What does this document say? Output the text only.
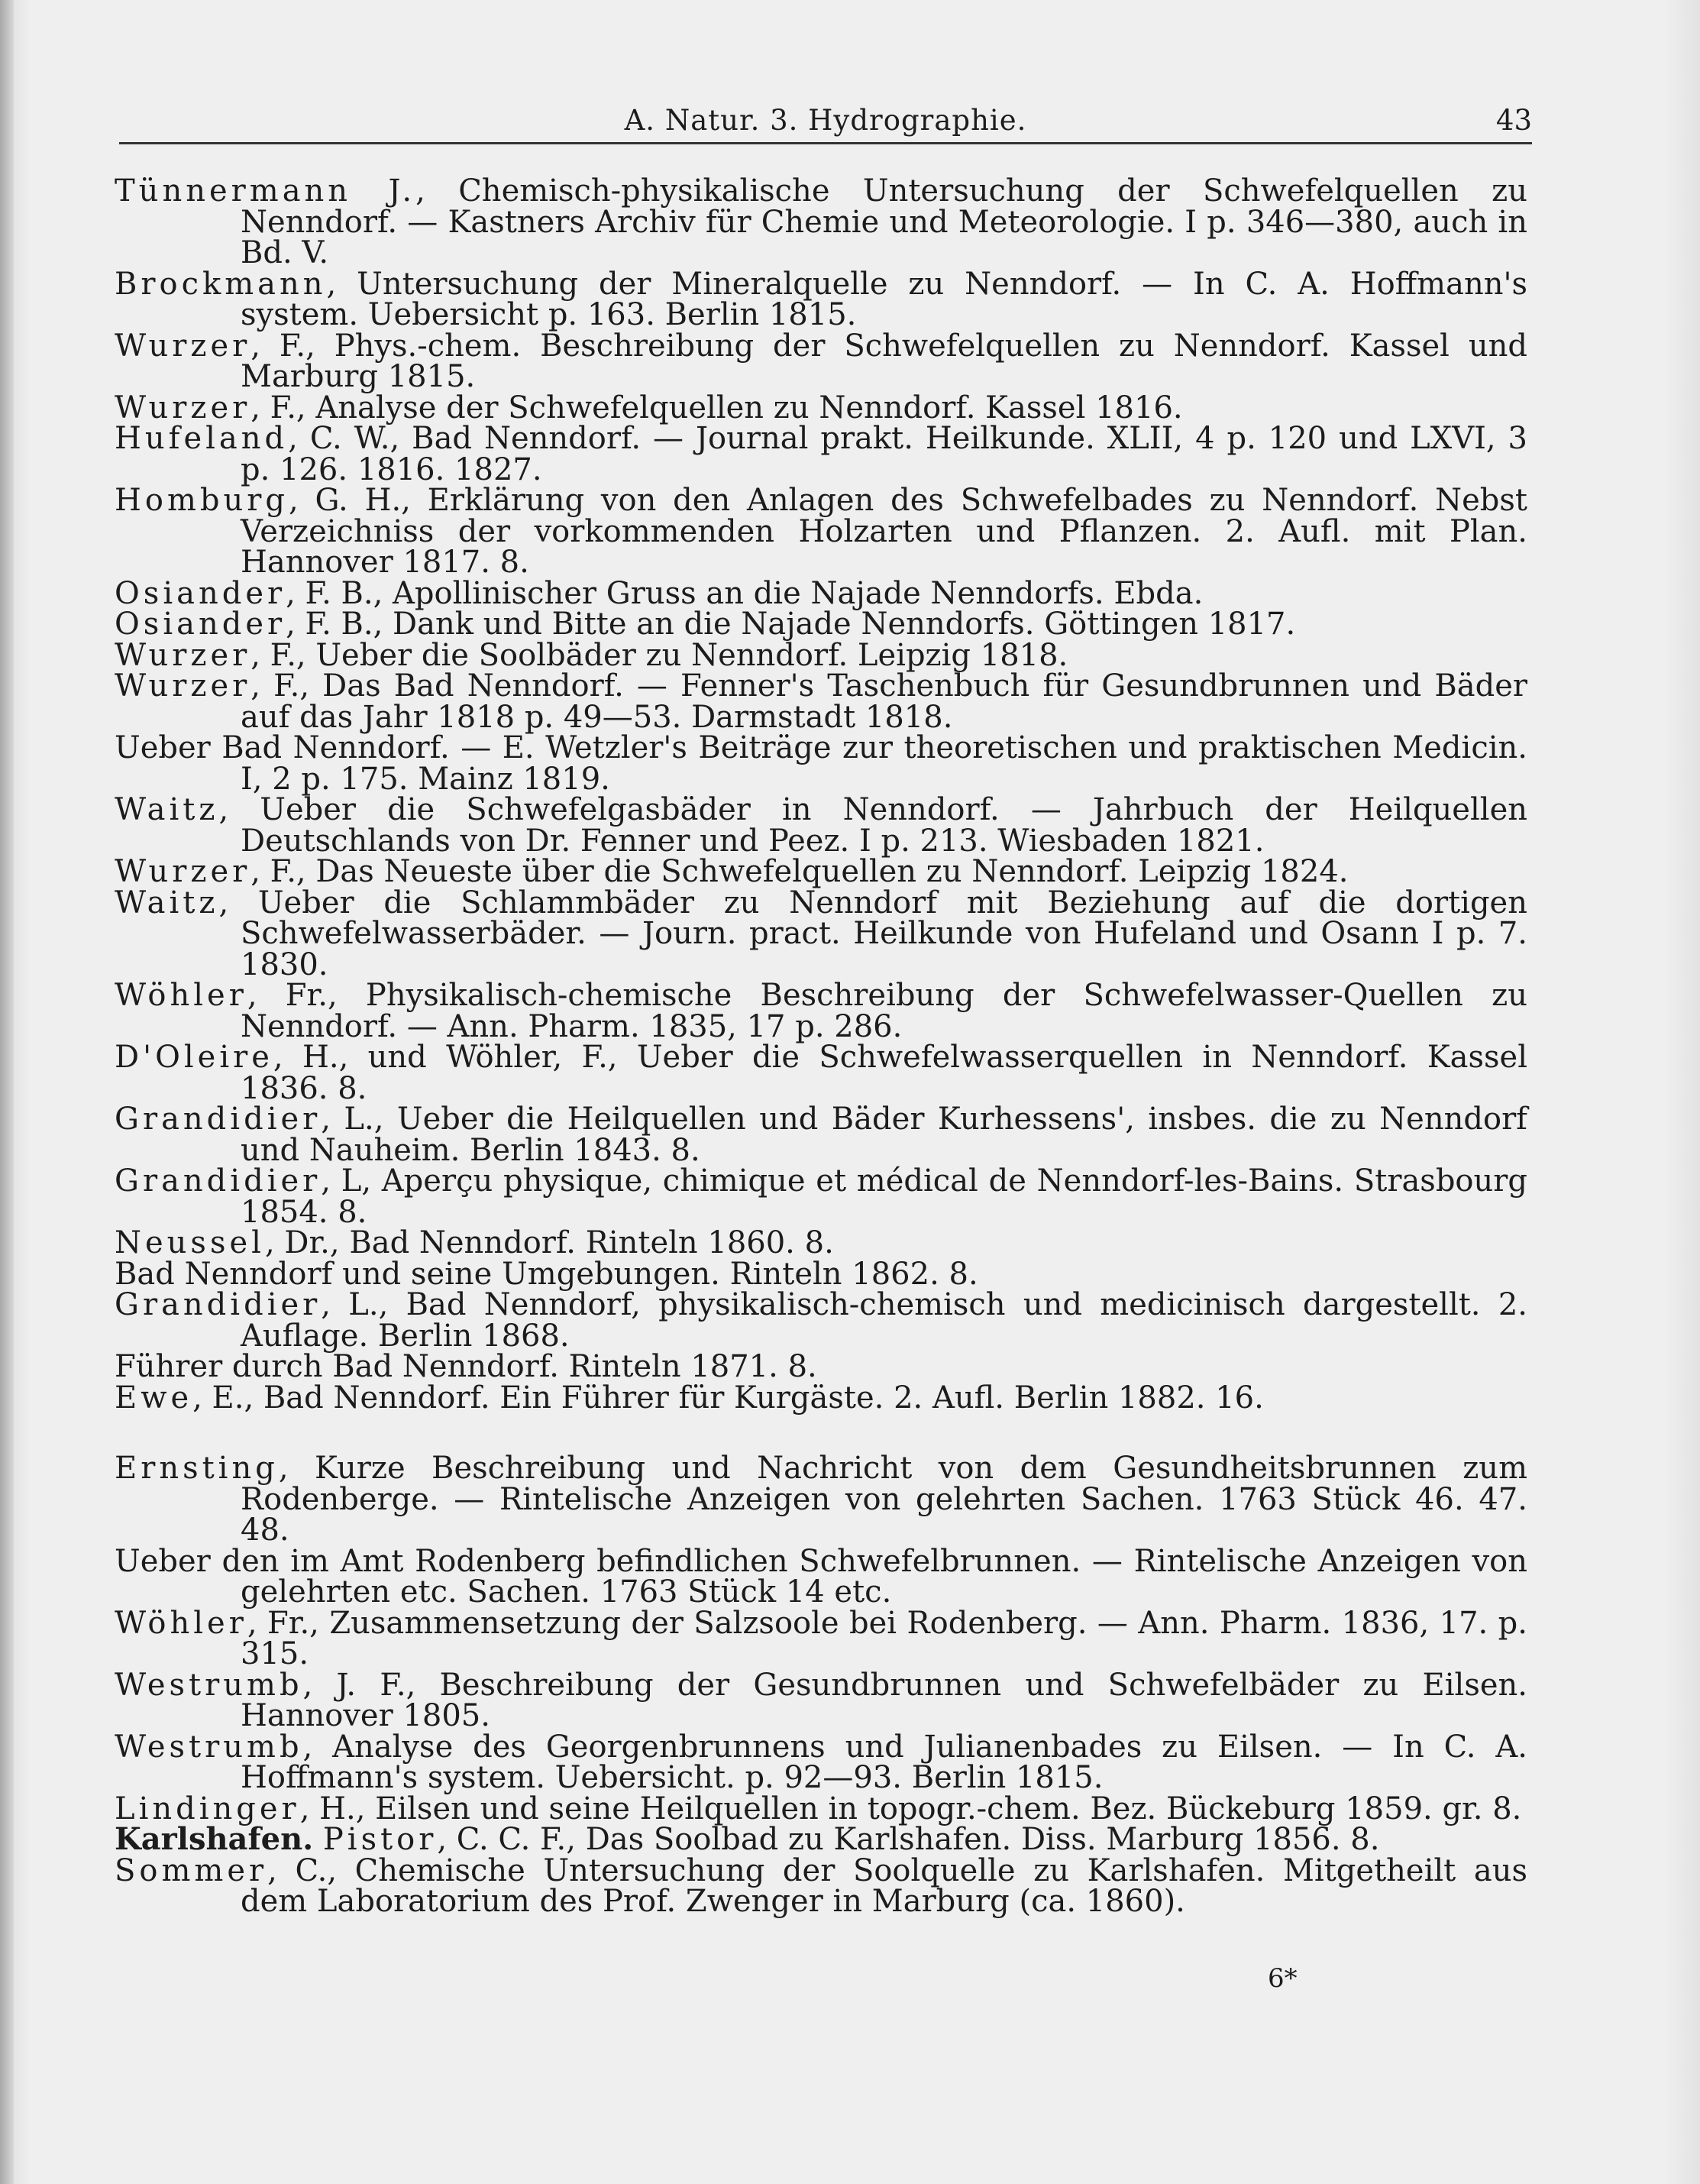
A. Natur. 3. Hydrographie.	43
Tünnermann J., Chemisch-physikalische Untersuchung der Schwefelquellen zu Nenndorf. — Kastners Archiv für Chemie und Meteorologie. I p. 346—380, auch in Bd. V.
Brockmann, Untersuchung der Mineralquelle zu Nenndorf. — In C. A. Hoffmann's system. Uebersicht p. 163. Berlin 1815.
Wurzer, F., Phys.-chem. Beschreibung der Schwefelquellen zu Nenndorf. Kassel und Marburg 1815.
Wurzer, F., Analyse der Schwefelquellen zu Nenndorf. Kassel 1816.
Hufeland, C. W., Bad Nenndorf. — Journal prakt. Heilkunde. XLII, 4 p. 120 und LXVI, 3 p. 126. 1816. 1827.
Homburg, G. H., Erklärung von den Anlagen des Schwefelbades zu Nenndorf. Nebst Verzeichniss der vorkommenden Holzarten und Pflanzen. 2. Aufl. mit Plan. Hannover 1817. 8.
Osiander, F. B., Apollinischer Gruss an die Najade Nenndorfs. Ebda.
Osiander, F. B., Dank und Bitte an die Najade Nenndorfs. Göttingen 1817.
Wurzer, F., Ueber die Soolbäder zu Nenndorf. Leipzig 1818.
Wurzer, F., Das Bad Nenndorf. — Fenner's Taschenbuch für Gesundbrunnen und Bäder auf das Jahr 1818 p. 49—53. Darmstadt 1818.
Ueber Bad Nenndorf. — E. Wetzler's Beiträge zur theoretischen und praktischen Medicin. I, 2 p. 175. Mainz 1819.
Waitz, Ueber die Schwefelgasbäder in Nenndorf. — Jahrbuch der Heilquellen Deutschlands von Dr. Fenner und Peez. I p. 213. Wiesbaden 1821.
Wurzer, F., Das Neueste über die Schwefelquellen zu Nenndorf. Leipzig 1824.
Waitz, Ueber die Schlammbäder zu Nenndorf mit Beziehung auf die dortigen Schwefelwasserbäder. — Journ. pract. Heilkunde von Hufeland und Osann I p. 7. 1830.
Wöhler, Fr., Physikalisch-chemische Beschreibung der Schwefelwasser-Quellen zu Nenndorf. — Ann. Pharm. 1835, 17 p. 286.
D'Oleire, H., und Wöhler, F., Ueber die Schwefelwasserquellen in Nenndorf. Kassel 1836. 8.
Grandidier, L., Ueber die Heilquellen und Bäder Kurhessens', insbes. die zu Nenndorf und Nauheim. Berlin 1843. 8.
Grandidier, L, Aperçu physique, chimique et médical de Nenndorf-les-Bains. Strasbourg 1854. 8.
Neussel, Dr., Bad Nenndorf. Rinteln 1860. 8.
Bad Nenndorf und seine Umgebungen. Rinteln 1862. 8.
Grandidier, L., Bad Nenndorf, physikalisch-chemisch und medicinisch dargestellt. 2. Auflage. Berlin 1868.
Führer durch Bad Nenndorf. Rinteln 1871. 8.
Ewe, E., Bad Nenndorf. Ein Führer für Kurgäste. 2. Aufl. Berlin 1882. 16.
Ernsting, Kurze Beschreibung und Nachricht von dem Gesundheitsbrunnen zum Rodenberge. — Rintelische Anzeigen von gelehrten Sachen. 1763 Stück 46. 47. 48.
Ueber den im Amt Rodenberg befindlichen Schwefelbrunnen. — Rintelische Anzeigen von gelehrten etc. Sachen. 1763 Stück 14 etc.
Wöhler, Fr., Zusammensetzung der Salzsoole bei Rodenberg. — Ann. Pharm. 1836, 17. p. 315.
Westrumb, J. F., Beschreibung der Gesundbrunnen und Schwefelbäder zu Eilsen. Hannover 1805.
Westrumb, Analyse des Georgenbrunnens und Julianenbades zu Eilsen. — In C. A. Hoffmann's system. Uebersicht. p. 92—93. Berlin 1815.
Lindinger, H., Eilsen und seine Heilquellen in topogr.-chem. Bez. Bückeburg 1859. gr. 8.
Karlshafen. Pistor, C. C. F., Das Soolbad zu Karlshafen. Diss. Marburg 1856. 8.
Sommer, C., Chemische Untersuchung der Soolquelle zu Karlshafen. Mitgetheilt aus dem Laboratorium des Prof. Zwenger in Marburg (ca. 1860).
6*
